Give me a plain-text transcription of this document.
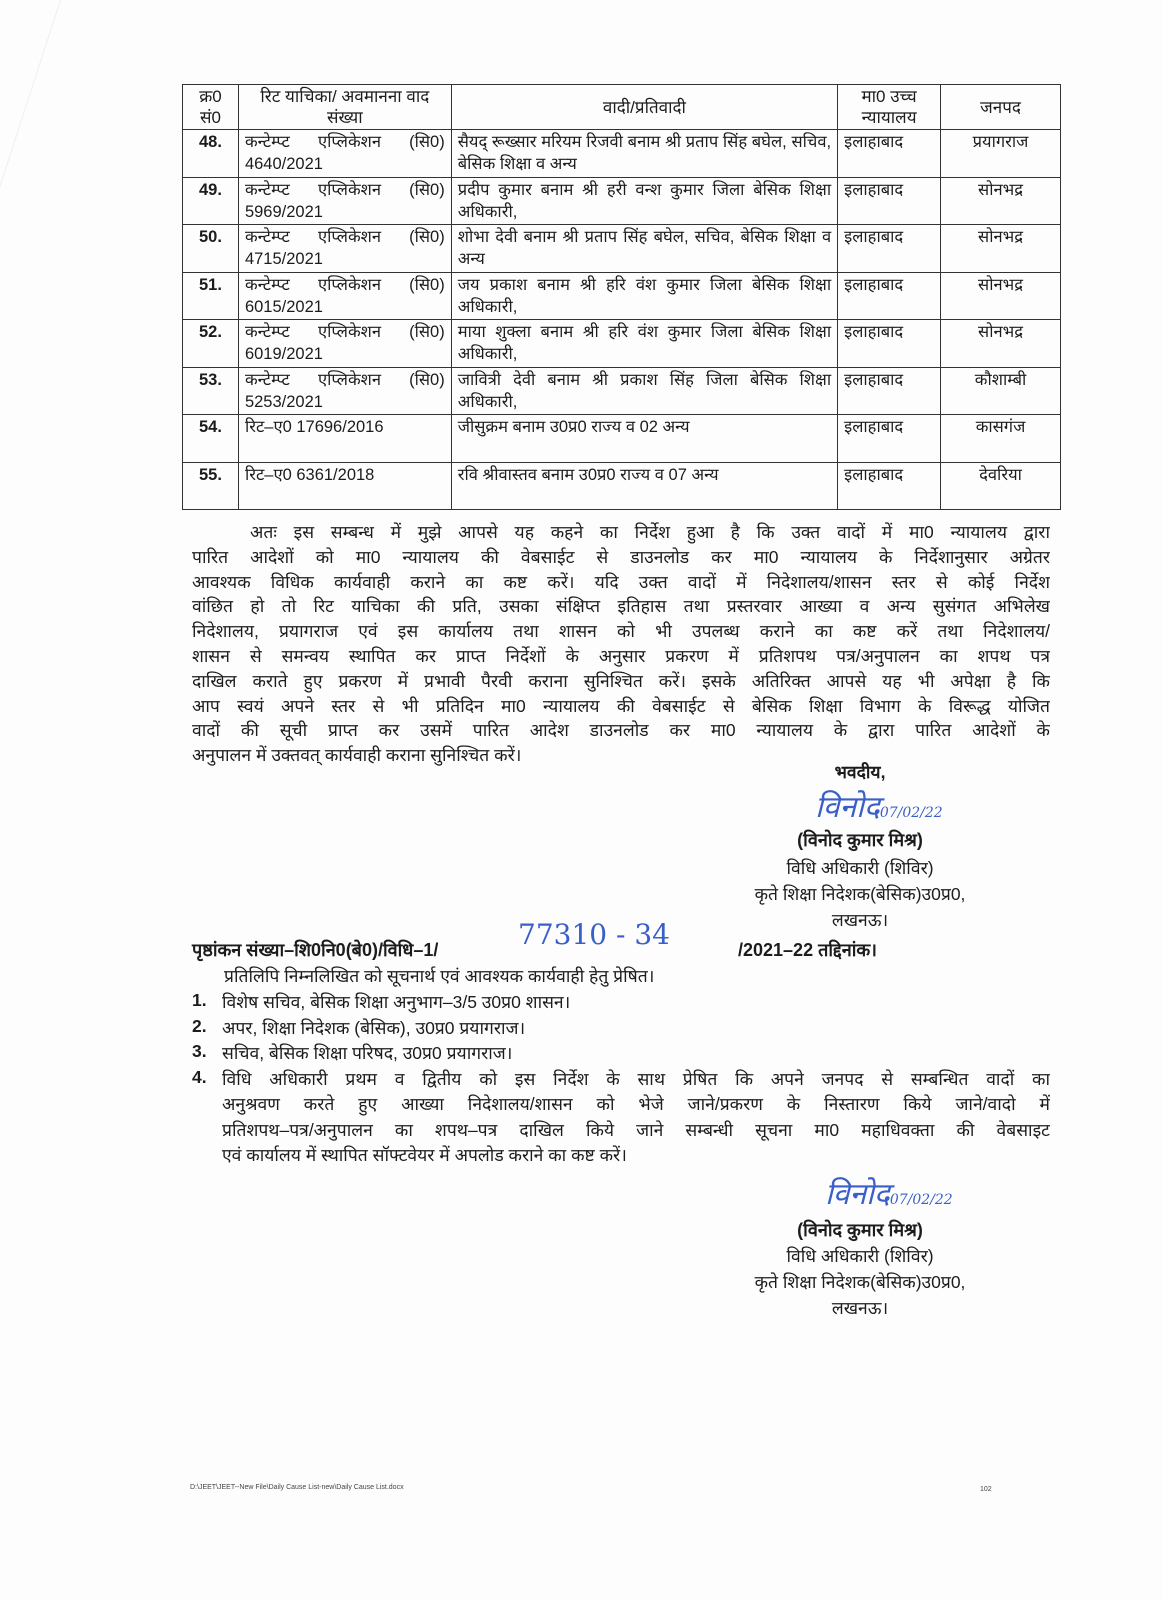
क्र0 सं0	रिट याचिका/ अवमानना वाद संख्या	वादी/प्रतिवादी	मा0 उच्च न्यायालय	जनपद
48.	कन्टेम्प्ट एप्लिकेशन (सि0) 4640/2021	सैयद् रूख्सार मरियम रिजवी बनाम श्री प्रताप सिंह बघेल, सचिव, बेसिक शिक्षा व अन्य	इलाहाबाद	प्रयागराज
49.	कन्टेम्प्ट एप्लिकेशन (सि0) 5969/2021	प्रदीप कुमार बनाम श्री हरी वन्श कुमार जिला बेसिक शिक्षा अधिकारी,	इलाहाबाद	सोनभद्र
50.	कन्टेम्प्ट एप्लिकेशन (सि0) 4715/2021	शोभा देवी बनाम श्री प्रताप सिंह बघेल, सचिव, बेसिक शिक्षा व अन्य	इलाहाबाद	सोनभद्र
51.	कन्टेम्प्ट एप्लिकेशन (सि0) 6015/2021	जय प्रकाश बनाम श्री हरि वंश कुमार जिला बेसिक शिक्षा अधिकारी,	इलाहाबाद	सोनभद्र
52.	कन्टेम्प्ट एप्लिकेशन (सि0) 6019/2021	माया शुक्ला बनाम श्री हरि वंश कुमार जिला बेसिक शिक्षा अधिकारी,	इलाहाबाद	सोनभद्र
53.	कन्टेम्प्ट एप्लिकेशन (सि0) 5253/2021	जावित्री देवी बनाम श्री प्रकाश सिंह जिला बेसिक शिक्षा अधिकारी,	इलाहाबाद	कौशाम्बी
54.	रिट–ए0 17696/2016	जीसुक्रम बनाम उ0प्र0 राज्य व 02 अन्य	इलाहाबाद	कासगंज
55.	रिट–ए0 6361/2018	रवि श्रीवास्तव बनाम उ0प्र0 राज्य व 07 अन्य	इलाहाबाद	देवरिया
अतः इस सम्बन्ध में मुझे आपसे यह कहने का निर्देश हुआ है कि उक्त वादों में मा0 न्यायालय द्वारा
पारित आदेशों को मा0 न्यायालय की वेबसाईट से डाउनलोड कर मा0 न्यायालय के निर्देशानुसार अग्रेतर
आवश्यक विधिक कार्यवाही कराने का कष्ट करें। यदि उक्त वादों में निदेशालय/शासन स्तर से कोई निर्देश
वांछित हो तो रिट याचिका की प्रति, उसका संक्षिप्त इतिहास तथा प्रस्तरवार आख्या व अन्य सुसंगत अभिलेख
निदेशालय, प्रयागराज एवं इस कार्यालय तथा शासन को भी उपलब्ध कराने का कष्ट करें तथा निदेशालय/
शासन से समन्वय स्थापित कर प्राप्त निर्देशों के अनुसार प्रकरण में प्रतिशपथ पत्र/अनुपालन का शपथ पत्र
दाखिल कराते हुए प्रकरण में प्रभावी पैरवी कराना सुनिश्चित करें। इसके अतिरिक्त आपसे यह भी अपेक्षा है कि
आप स्वयं अपने स्तर से भी प्रतिदिन मा0 न्यायालय की वेबसाईट से बेसिक शिक्षा विभाग के विरूद्ध योजित
वादों की सूची प्राप्त कर उसमें पारित आदेश डाउनलोड कर मा0 न्यायालय के द्वारा पारित आदेशों के
अनुपालन में उक्तवत् कार्यवाही कराना सुनिश्चित करें।
भवदीय,
विनोद07/02/22
(विनोद कुमार मिश्र)
विधि अधिकारी (शिविर)
कृते शिक्षा निदेशक(बेसिक)उ0प्र0,
लखनऊ।
पृष्ठांकन संख्या–शि0नि0(बे0)/विधि–1/	77310 - 34	/2021–22 तद्दिनांक।
प्रतिलिपि निम्नलिखित को सूचनार्थ एवं आवश्यक कार्यवाही हेतु प्रेषित।
1. विशेष सचिव, बेसिक शिक्षा अनुभाग–3/5 उ0प्र0 शासन।
2. अपर, शिक्षा निदेशक (बेसिक), उ0प्र0 प्रयागराज।
3. सचिव, बेसिक शिक्षा परिषद, उ0प्र0 प्रयागराज।
4. विधि अधिकारी प्रथम व द्वितीय को इस निर्देश के साथ प्रेषित कि अपने जनपद से सम्बन्धित वादों का
अनुश्रवण करते हुए आख्या निदेशालय/शासन को भेजे जाने/प्रकरण के निस्तारण किये जाने/वादो में
प्रतिशपथ–पत्र/अनुपालन का शपथ–पत्र दाखिल किये जाने सम्बन्धी सूचना मा0 महाधिवक्ता की वेबसाइट
एवं कार्यालय में स्थापित सॉफ्टवेयर में अपलोड कराने का कष्ट करें।
विनोद07/02/22
(विनोद कुमार मिश्र)
विधि अधिकारी (शिविर)
कृते शिक्षा निदेशक(बेसिक)उ0प्र0,
लखनऊ।
D:\JEET\JEET--New File\Daily Cause List-new\Daily Cause List.docx	102
